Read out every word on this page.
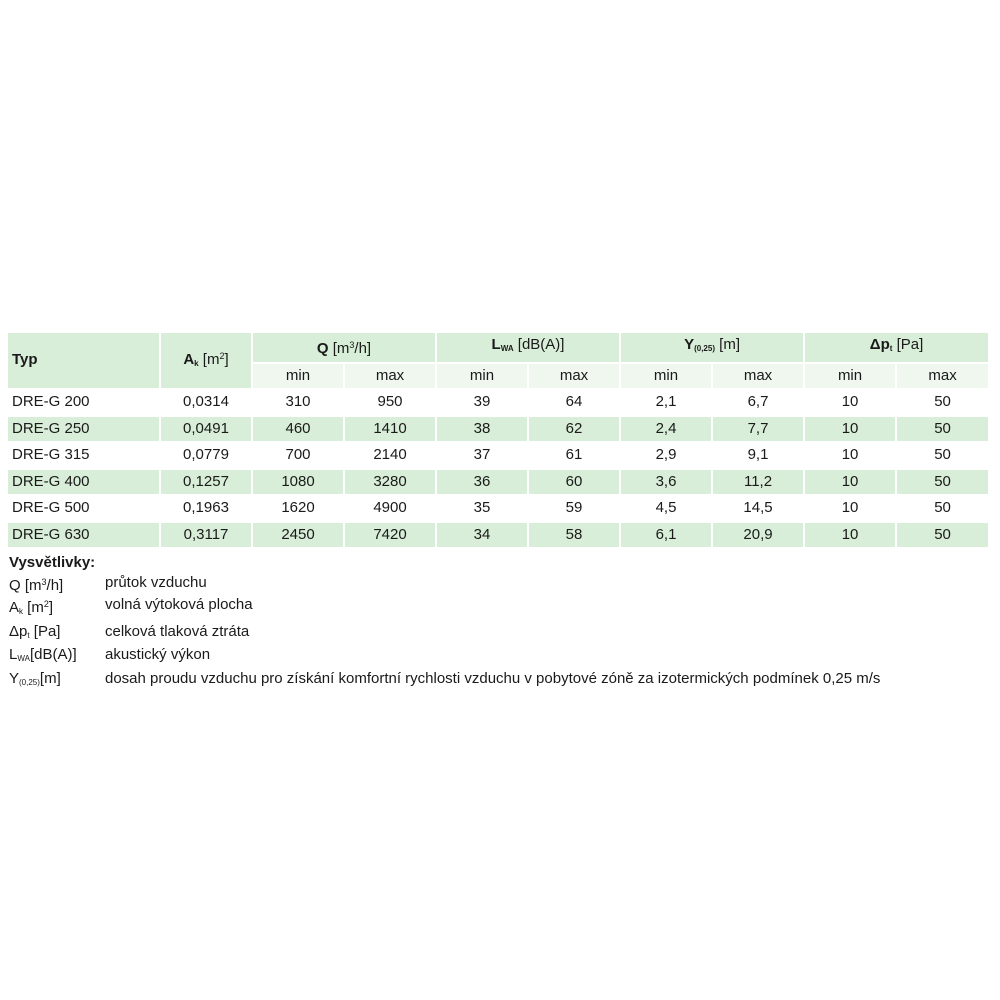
Typ	$A_k$ $[m^2]$	Q $[m^3/h]$		$L_{WA}$ [dB(A)]		$Y_{(0,25)}$ [m]		$\Delta p_t$ [Pa]	
		min	max	min	max	min	max	min	max
DRE-G 200	0,0314	310	950	39	64	2,1	6,7	10	50
DRE-G 250	0,0491	460	1410	38	62	2,4	7,7	10	50
DRE-G 315	0,0779	700	2140	37	61	2,9	9,1	10	50
DRE-G 400	0,1257	1080	3280	36	60	3,6	11,2	10	50
DRE-G 500	0,1963	1620	4900	35	59	4,5	14,5	10	50
DRE-G 630	0,3117	2450	7420	34	58	6,1	20,9	10	50
Vysvětlivky:
Q $[m^3/h]$	průtok vzduchu
$A_k$ $[m^2]$	volná výtoková plocha
$\Delta p_t$ [Pa]	celková tlaková ztráta
$L_{WA}[dB(A)]$	akustický výkon
$Y_{(0,25)}[m]$	dosah proudu vzduchu pro získání komfortní rychlosti vzduchu v pobytové zóně za izotermických podmínek 0,25 m/s
